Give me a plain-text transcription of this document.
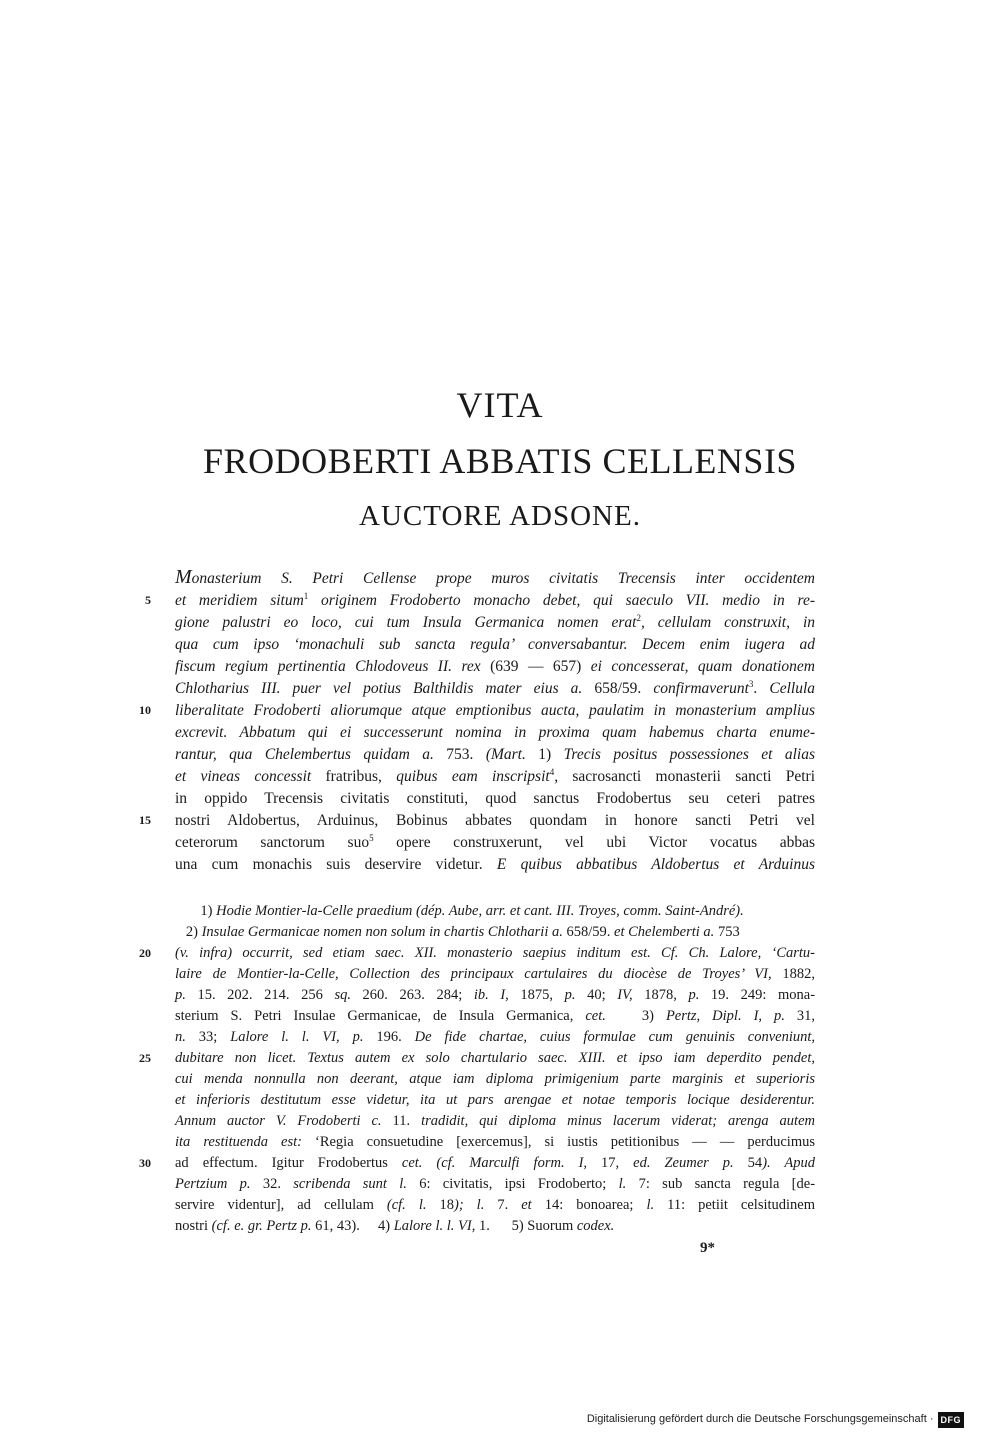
VITA
FRODOBERTI ABBATIS CELLENSIS
AUCTORE ADSONE.
Monasterium S. Petri Cellense prope muros civitatis Trecensis inter occidentem
et meridiem situm$^1$ originem Frodoberto monacho debet, qui saeculo VII. medio in re-
5
gione palustri eo loco, cui tum Insula Germanica nomen erat$^2$, cellulam construxit, in
qua cum ipso ‘monachuli sub sancta regula’ conversabantur. Decem enim iugera ad
fiscum regium pertinentia Chlodoveus II. rex (639 — 657) ei concesserat, quam donationem
Chlotharius III. puer vel potius Balthildis mater eius a. 658/59. confirmaverunt$^3$. Cellula
liberalitate Frodoberti aliorumque atque emptionibus aucta, paulatim in monasterium amplius
10
excrevit. Abbatum qui ei successerunt nomina in proxima quam habemus charta enume-
rantur, qua Chelembertus quidam a. 753. (Mart. 1) Trecis positus possessiones et alias
et vineas concessit fratribus, quibus eam inscripsit$^4$, sacrosancti monasterii sancti Petri
in oppido Trecensis civitatis constituti, quod sanctus Frodobertus seu ceteri patres
nostri Aldobertus, Arduinus, Bobinus abbates quondam in honore sancti Petri vel
15
ceterorum sanctorum suo$^5$ opere construxerunt, vel ubi Victor vocatus abbas
una cum monachis suis deservire videtur. E quibus abbatibus Aldobertus et Arduinus
1) Hodie Montier-la-Celle praedium (dép. Aube, arr. et cant. III. Troyes, comm. Saint-André).
2) Insulae Germanicae nomen non solum in chartis Chlotharii a. 658/59. et Chelemberti a. 753
(v. infra) occurrit, sed etiam saec. XII. monasterio saepius inditum est. Cf. Ch. Lalore, ‘Cartu-
20
laire de Montier-la-Celle, Collection des principaux cartulaires du diocèse de Troyes’ VI, 1882,
p. 15. 202. 214. 256 sq. 260. 263. 284; ib. I, 1875, p. 40; IV, 1878, p. 19. 249: mona-
sterium S. Petri Insulae Germanicae, de Insula Germanica, cet.   3) Pertz, Dipl. I, p. 31,
n. 33; Lalore l. l. VI, p. 196. De fide chartae, cuius formulae cum genuinis conveniunt,
dubitare non licet. Textus autem ex solo chartulario saec. XIII. et ipso iam deperdito pendet,
25
cui menda nonnulla non deerant, atque iam diploma primigenium parte marginis et superioris
et inferioris destitutum esse videtur, ita ut pars arengae et notae temporis locique desiderentur.
Annum auctor V. Frodoberti c. 11. tradidit, qui diploma minus lacerum viderat; arenga autem
ita restituenda est: ‘Regia consuetudine [exercemus], si iustis petitionibus — — perducimus
ad effectum. Igitur Frodobertus cet. (cf. Marculfi form. I, 17, ed. Zeumer p. 54). Apud
30
Pertzium p. 32. scribenda sunt l. 6: civitatis, ipsi Frodoberto; l. 7: sub sancta regula [de-
servire videntur], ad cellulam (cf. l. 18); l. 7. et 14: bonoarea; l. 11: petiit celsitudinem
nostri (cf. e. gr. Pertz p. 61, 43).     4) Lalore l. l. VI, 1.      5) Suorum codex.
9*
Digitalisierung gefördert durch die Deutsche Forschungsgemeinschaft · DFG
